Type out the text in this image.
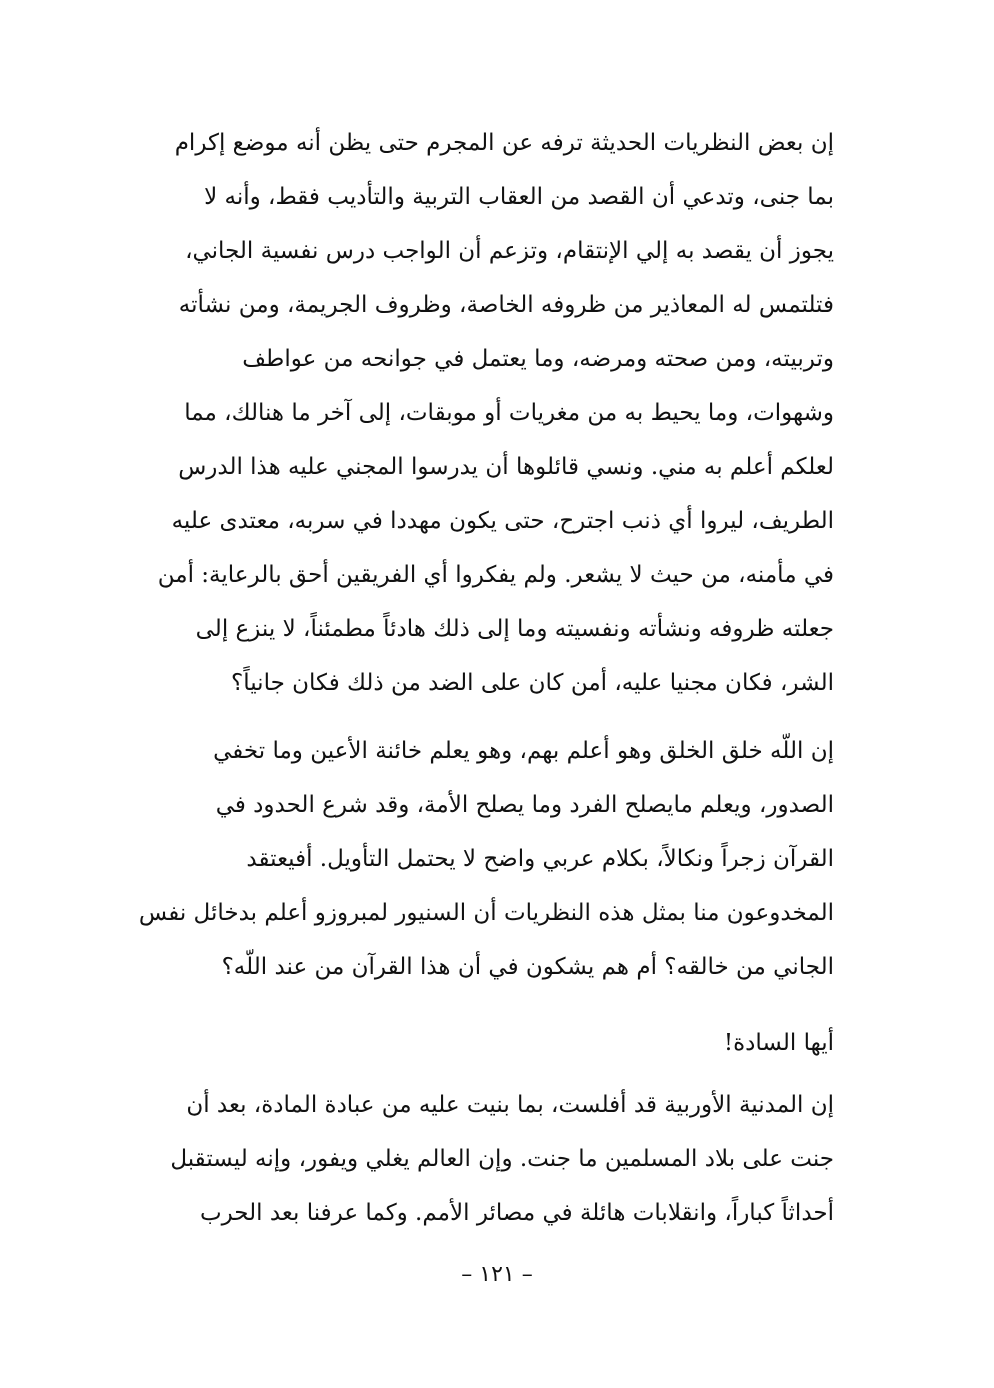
إن بعض النظريات الحديثة ترفه عن المجرم حتى يظن أنه موضع إكرام
بما جنى، وتدعي أن القصد من العقاب التربية والتأديب فقط، وأنه لا
يجوز أن يقصد به إلي الإنتقام، وتزعم أن الواجب درس نفسية الجاني،
فتلتمس له المعاذير من ظروفه الخاصة، وظروف الجريمة، ومن نشأته
وتربيته، ومن صحته ومرضه، وما يعتمل في جوانحه من عواطف
وشهوات، وما يحيط به من مغريات أو موبقات، إلى آخر ما هنالك، مما
لعلكم أعلم به مني. ونسي قائلوها أن يدرسوا المجني عليه هذا الدرس
الطريف، ليروا أي ذنب اجترح، حتى يكون مهددا في سربه، معتدى عليه
في مأمنه، من حيث لا يشعر. ولم يفكروا أي الفريقين أحق بالرعاية: أمن
جعلته ظروفه ونشأته ونفسيته وما إلى ذلك هادئاً مطمئناً، لا ينزع إلى
الشر، فكان مجنيا عليه، أمن كان على الضد من ذلك فكان جانياً؟
إن اللّه خلق الخلق وهو أعلم بهم، وهو يعلم خائنة الأعين وما تخفي
الصدور، ويعلم مايصلح الفرد وما يصلح الأمة، وقد شرع الحدود في
القرآن زجراً ونكالاً، بكلام عربي واضح لا يحتمل التأويل. أفيعتقد
المخدوعون منا بمثل هذه النظريات أن السنيور لمبروزو أعلم بدخائل نفس
الجاني من خالقه؟ أم هم يشكون في أن هذا القرآن من عند اللّه؟
أيها السادة!
إن المدنية الأوربية قد أفلست، بما بنيت عليه من عبادة المادة، بعد أن
جنت على بلاد المسلمين ما جنت. وإن العالم يغلي ويفور، وإنه ليستقبل
أحداثاً كباراً، وانقلابات هائلة في مصائر الأمم. وكما عرفنا بعد الحرب
– ١٢١ –
